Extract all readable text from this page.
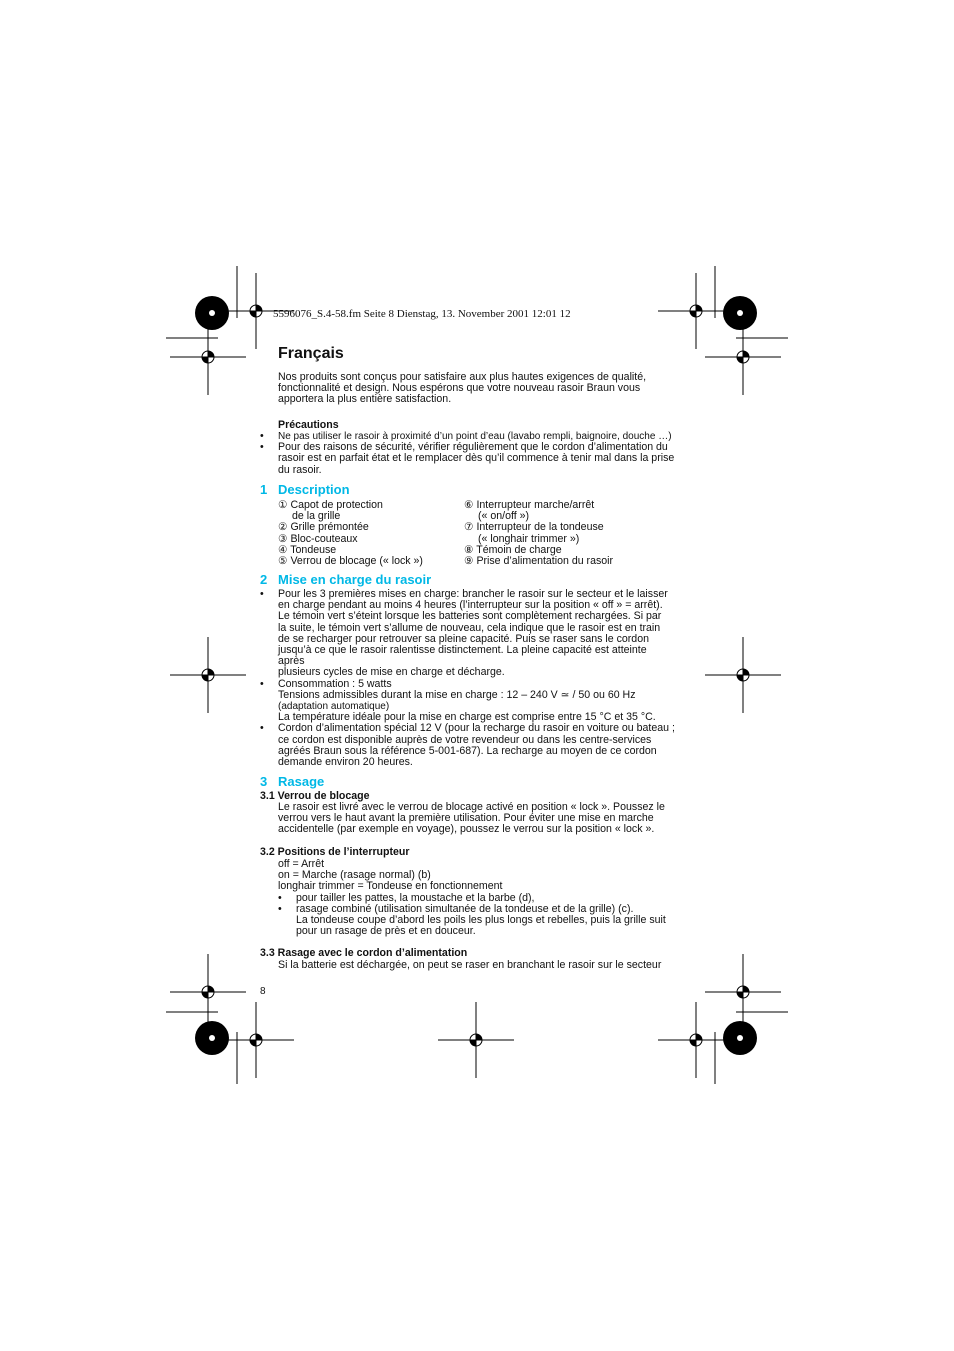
5596076_S.4-58.fm Seite 8 Dienstag, 13. November 2001 12:01 12
Français
Nos produits sont conçus pour satisfaire aux plus hautes exigences de qualité,
fonctionnalité et design. Nous espérons que votre nouveau rasoir Braun vous
apportera la plus entière satisfaction.
Précautions
• Ne pas utiliser le rasoir à proximité d’un point d’eau (lavabo rempli, baignoire, douche …)
• Pour des raisons de sécurité, vérifier régulièrement que le cordon d’alimentation du
rasoir est en parfait état et le remplacer dès qu’il commence à tenir mal dans la prise
du rasoir.
1 Description
① Capot de protection
de la grille
② Grille prémontée
③ Bloc-couteaux
④ Tondeuse
⑤ Verrou de blocage (« lock »)
⑥ Interrupteur marche/arrêt
(« on/off »)
⑦ Interrupteur de la tondeuse
(« longhair trimmer »)
⑧ Témoin de charge
⑨ Prise d’alimentation du rasoir
2 Mise en charge du rasoir
• Pour les 3 premières mises en charge: brancher le rasoir sur le secteur et le laisser
en charge pendant au moins 4 heures (l’interrupteur sur la position « off » = arrêt).
Le témoin vert s’éteint lorsque les batteries sont complètement rechargées. Si par
la suite, le témoin vert s’allume de nouveau, cela indique que le rasoir est en train
de se recharger pour retrouver sa pleine capacité. Puis se raser sans le cordon
jusqu’à ce que le rasoir ralentisse distinctement. La pleine capacité est atteinte
après
plusieurs cycles de mise en charge et décharge.
• Consommation : 5 watts
Tensions admissibles durant la mise en charge : 12 – 240 V ≃ / 50 ou 60 Hz
(adaptation automatique)
La température idéale pour la mise en charge est comprise entre 15 °C et 35 °C.
• Cordon d’alimentation spécial 12 V (pour la recharge du rasoir en voiture ou bateau ;
ce cordon est disponible auprès de votre revendeur ou dans les centre-services
agréés Braun sous la référence 5-001-687). La recharge au moyen de ce cordon
demande environ 20 heures.
3 Rasage
3.1 Verrou de blocage
Le rasoir est livré avec le verrou de blocage activé en position « lock ». Poussez le
verrou vers le haut avant la première utilisation. Pour éviter une mise en marche
accidentelle (par exemple en voyage), poussez le verrou sur la position « lock ».
3.2 Positions de l’interrupteur
off = Arrêt
on = Marche (rasage normal) (b)
longhair trimmer = Tondeuse en fonctionnement
• pour tailler les pattes, la moustache et la barbe (d),
• rasage combiné (utilisation simultanée de la tondeuse et de la grille) (c).
La tondeuse coupe d’abord les poils les plus longs et rebelles, puis la grille suit
pour un rasage de près et en douceur.
3.3 Rasage avec le cordon d’alimentation
Si la batterie est déchargée, on peut se raser en branchant le rasoir sur le secteur
8
